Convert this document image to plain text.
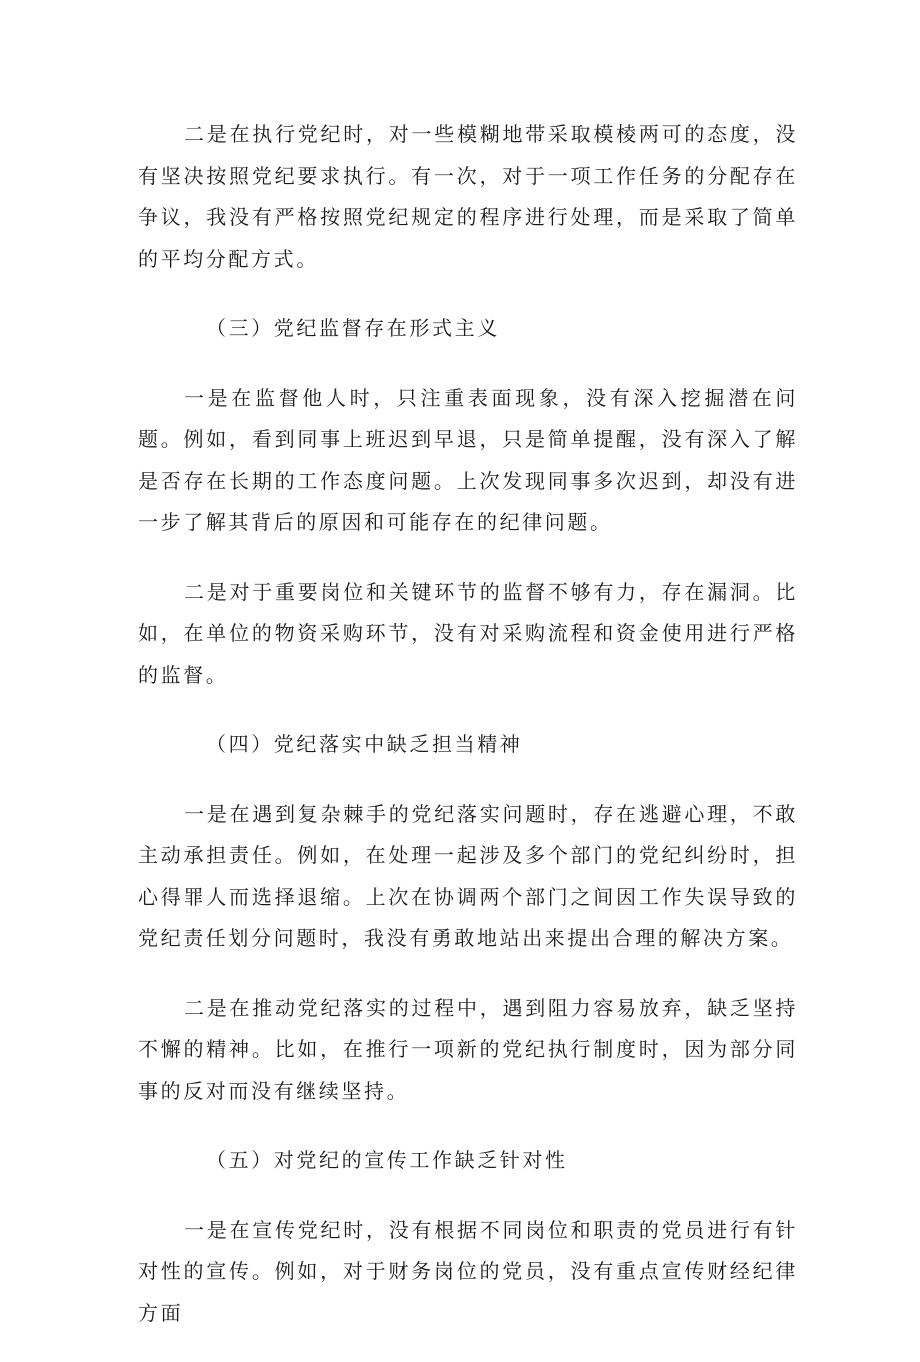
二是在执行党纪时，对一些模糊地带采取模棱两可的态度，没有坚决按照党纪要求执行。有一次，对于一项工作任务的分配存在争议，我没有严格按照党纪规定的程序进行处理，而是采取了简单的平均分配方式。

（三）党纪监督存在形式主义

一是在监督他人时，只注重表面现象，没有深入挖掘潜在问题。例如，看到同事上班迟到早退，只是简单提醒，没有深入了解是否存在长期的工作态度问题。上次发现同事多次迟到，却没有进一步了解其背后的原因和可能存在的纪律问题。

二是对于重要岗位和关键环节的监督不够有力，存在漏洞。比如，在单位的物资采购环节，没有对采购流程和资金使用进行严格的监督。

（四）党纪落实中缺乏担当精神

一是在遇到复杂棘手的党纪落实问题时，存在逃避心理，不敢主动承担责任。例如，在处理一起涉及多个部门的党纪纠纷时，担心得罪人而选择退缩。上次在协调两个部门之间因工作失误导致的党纪责任划分问题时，我没有勇敢地站出来提出合理的解决方案。

二是在推动党纪落实的过程中，遇到阻力容易放弃，缺乏坚持不懈的精神。比如，在推行一项新的党纪执行制度时，因为部分同事的反对而没有继续坚持。

（五）对党纪的宣传工作缺乏针对性

一是在宣传党纪时，没有根据不同岗位和职责的党员进行有针对性的宣传。例如，对于财务岗位的党员，没有重点宣传财经纪律方面
